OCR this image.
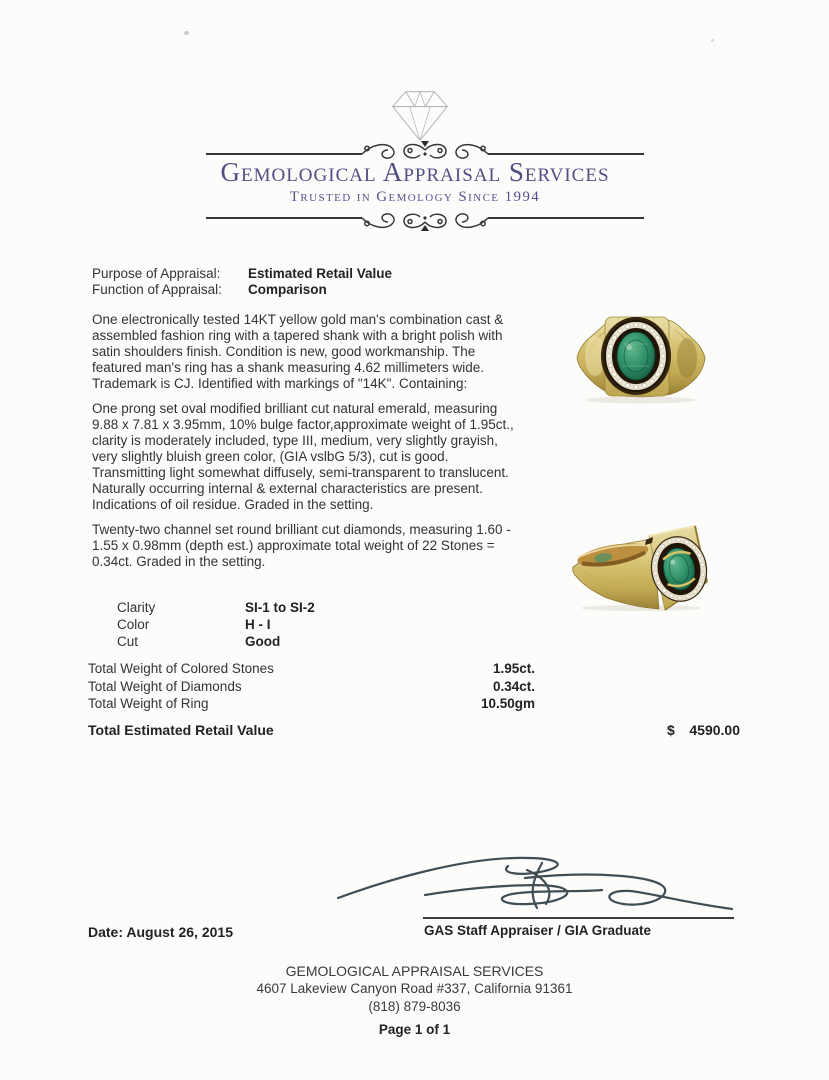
Gemological Appraisal Services
Trusted in Gemology Since 1994
Purpose of Appraisal:	Estimated Retail Value
Function of Appraisal:	Comparison

One electronically tested 14KT yellow gold man's combination cast & assembled fashion ring with a tapered shank with a bright polish with satin shoulders finish. Condition is new, good workmanship. The featured man's ring has a shank measuring 4.62 millimeters wide. Trademark is CJ. Identified with markings of "14K". Containing:

One prong set oval modified brilliant cut natural emerald, measuring 9.88 x 7.81 x 3.95mm, 10% bulge factor,approximate weight of 1.95ct., clarity is moderately included, type III, medium, very slightly grayish, very slightly bluish green color, (GIA vslbG 5/3), cut is good. Transmitting light somewhat diffusely, semi-transparent to translucent. Naturally occurring internal & external characteristics are present. Indications of oil residue. Graded in the setting.

Twenty-two channel set round brilliant cut diamonds, measuring 1.60 - 1.55 x 0.98mm (depth est.) approximate total weight of 22 Stones = 0.34ct. Graded in the setting.

Clarity	SI-1 to SI-2
Color	H - I
Cut	Good
Total Weight of Colored Stones	1.95ct.
Total Weight of Diamonds	0.34ct.
Total Weight of Ring	10.50gm
Total Estimated Retail Value	$ 4590.00
GAS Staff Appraiser / GIA Graduate
Date: August 26, 2015
GEMOLOGICAL APPRAISAL SERVICES
4607 Lakeview Canyon Road #337, California 91361
(818) 879-8036
Page 1 of 1
